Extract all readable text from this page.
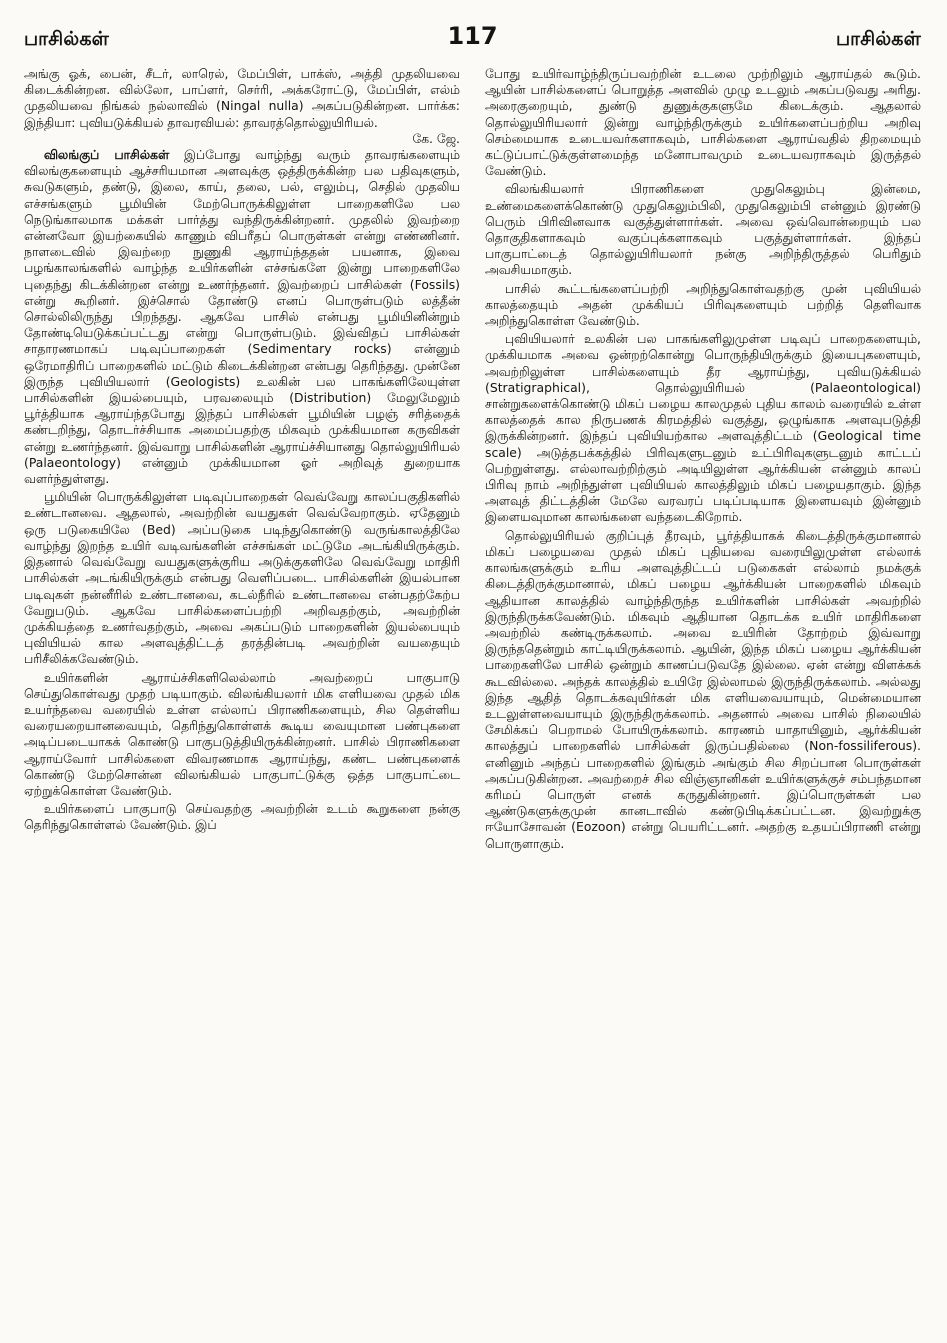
பாசில்கள்	117	பாசில்கள்

அங்கு ஓக், பைன், சீடர், லாரெல், மேப்பிள், பாக்ஸ், அத்தி முதலியவை கிடைக்கின்றன. வில்லோ, பாப்ளர், செர்ரி, அக்கரோட்டு, மேப்பிள், எல்ம் முதலியவை நிங்கல் நல்லாவில் (Ningal nulla) அகப்படுகின்றன. பார்க்க: இந்தியா: புவியடுக்கியல் தாவரவியல்: தாவரத்தொல்லுயிரியல்.

கே. ஜே.

விலங்குப் பாசில்கள் இப்போது வாழ்ந்து வரும் தாவரங்களையும் விலங்குகளையும் ஆச்சரியமான அளவுக்கு ஒத்திருக்கின்ற பல பதிவுகளும், சுவடுகளும், தண்டு, இலை, காய், தலை, பல், எலும்பு, செதில் முதலிய எச்சங்களும் பூமியின் மேற்பொருக்கிலுள்ள பாறைகளிலே பல நெடுங்காலமாக மக்கள் பார்த்து வந்திருக்கின்றனர். முதலில் இவற்றை என்னவோ இயற்கையில் காணும் விபரீதப் பொருள்கள் என்று எண்ணினர். நாளடைவில் இவற்றை நுணுகி ஆராய்ந்ததன் பயனாக, இவை பழங்காலங்களில் வாழ்ந்த உயிர்களின் எச்சங்களே இன்று பாறைகளிலே புதைந்து கிடக்கின்றன என்று உணர்ந்தனர். இவற்றைப் பாசில்கள் (Fossils) என்று கூறினர். இச்சொல் தோண்டு எனப் பொருள்படும் லத்தீன் சொல்லிலிருந்து பிறந்தது. ஆகவே பாசில் என்பது பூமியினின்றும் தோண்டியெடுக்கப்பட்டது என்று பொருள்படும். இவ்விதப் பாசில்கள் சாதாரணமாகப் படிவுப்பாறைகள் (Sedimentary rocks) என்னும் ஒரேமாதிரிப் பாறைகளில் மட்டும் கிடைக்கின்றன என்பது தெரிந்தது. முன்னே இருந்த புவியியலார் (Geologists) உலகின் பல பாகங்களிலேயுள்ள பாசில்களின் இயல்பையும், பரவலையும் (Distribution) மேலுமேலும் பூர்த்தியாக ஆராய்ந்தபோது இந்தப் பாசில்கள் பூமியின் பழஞ் சரித்தைக் கண்டறிந்து, தொடர்ச்சியாக அமைப்பதற்கு மிகவும் முக்கியமான கருவிகள் என்று உணர்ந்தனர். இவ்வாறு பாசில்களின் ஆராய்ச்சியானது தொல்லுயிரியல் (Palaeontology) என்னும் முக்கியமான ஓர் அறிவுத் துறையாக வளர்ந்துள்ளது.

பூமியின் பொருக்கிலுள்ள படிவுப்பாறைகள் வெவ்வேறு காலப்பகுதிகளில் உண்டானவை. ஆதலால், அவற்றின் வயதுகள் வெவ்வேறாகும். ஏதேனும் ஒரு படுகையிலே (Bed) அப்படுகை படிந்துகொண்டு வருங்காலத்திலே வாழ்ந்து இறந்த உயிர் வடிவங்களின் எச்சங்கள் மட்டுமே அடங்கியிருக்கும். இதனால் வெவ்வேறு வயதுகளுக்குரிய அடுக்குகளிலே வெவ்வேறு மாதிரி பாசில்கள் அடங்கியிருக்கும் என்பது வெளிப்படை. பாசில்களின் இயல்பான படிவுகள் நன்னீரில் உண்டானவை, கடல்நீரில் உண்டானவை என்பதற்கேற்ப வேறுபடும். ஆகவே பாசில்களைப்பற்றி அறிவதற்கும், அவற்றின் முக்கியத்தை உணர்வதற்கும், அவை அகப்படும் பாறைகளின் இயல்பையும் புவியியல் கால அளவுத்திட்டத் தரத்தின்படி அவற்றின் வயதையும் பரிசீலிக்கவேண்டும்.

உயிர்களின் ஆராய்ச்சிகளிலெல்லாம் அவற்றைப் பாகுபாடு செய்துகொள்வது முதற் படியாகும். விலங்கியலார் மிக எளியவை முதல் மிக உயர்ந்தவை வரையில் உள்ள எல்லாப் பிராணிகளையும், சில தெள்ளிய வரையறையானவையும், தெரிந்துகொள்ளக் கூடிய வையுமான பண்புகளை அடிப்படையாகக் கொண்டு பாகுபடுத்தியிருக்கின்றனர். பாசில் பிராணிகளை ஆராய்வோர் பாசில்களை விவரணமாக ஆராய்ந்து, கண்ட பண்புகளைக் கொண்டு மேற்சொன்ன விலங்கியல் பாகுபாட்டுக்கு ஒத்த பாகுபாட்டை ஏற்றுக்கொள்ள வேண்டும்.

உயிர்களைப் பாகுபாடு செய்வதற்கு அவற்றின் உடம் கூறுகளை நன்கு தெரிந்துகொள்ளல் வேண்டும். இப்

போது உயிர்வாழ்ந்திருப்பவற்றின் உடலை முற்றிலும் ஆராய்தல் கூடும். ஆயின் பாசில்களைப் பொறுத்த அளவில் முழு உடலும் அகப்படுவது அரிது. அரைகுறையும், துண்டு துணுக்குகளுமே கிடைக்கும். ஆதலால் தொல்லுயிரியலார் இன்று வாழ்ந்திருக்கும் உயிர்களைப்பற்றிய அறிவு செம்மையாக உடையவர்களாகவும், பாசில்களை ஆராய்வதில் திறமையும் கட்டுப்பாட்டுக்குள்ளமைந்த மனோபாவமும் உடையவராகவும் இருத்தல் வேண்டும்.

விலங்கியலார் பிராணிகளை முதுகெலும்பு இன்மை, உண்மைகளைக்கொண்டு முதுகெலும்பிலி, முதுகெலும்பி என்னும் இரண்டு பெரும் பிரிவினவாக வகுத்துள்ளார்கள். அவை ஒவ்வொன்றையும் பல தொகுதிகளாகவும் வகுப்புக்களாகவும் பகுத்துள்ளார்கள். இந்தப் பாகுபாட்டைத் தொல்லுயிரியலார் நன்கு அறிந்திருத்தல் பெரிதும் அவசியமாகும்.

பாசில் கூட்டங்களைப்பற்றி அறிந்துகொள்வதற்கு முன் புவியியல் காலத்தையும் அதன் முக்கியப் பிரிவுகளையும் பற்றித் தெளிவாக அறிந்துகொள்ள வேண்டும்.

புவியியலார் உலகின் பல பாகங்களிலுமுள்ள படிவுப் பாறைகளையும், முக்கியமாக அவை ஒன்றற்கொன்று பொருந்தியிருக்கும் இயைபுகளையும், அவற்றிலுள்ள பாசில்களையும் தீர ஆராய்ந்து, புவியடுக்கியல் (Stratigraphical), தொல்லுயிரியல் (Palaeontological) சான்றுகளைக்கொண்டு மிகப் பழைய காலமுதல் புதிய காலம் வரையில் உள்ள காலத்தைக் கால நிருபணக் கிரமத்தில் வகுத்து, ஒழுங்காக அளவுபடுத்தி இருக்கின்றனர். இந்தப் புவியியற்கால அளவுத்திட்டம் (Geological time scale) அடுத்தபக்கத்தில் பிரிவுகளுடனும் உட்பிரிவுகளுடனும் காட்டப் பெற்றுள்ளது. எல்லாவற்றிற்கும் அடியிலுள்ள ஆர்க்கியன் என்னும் காலப் பிரிவு நாம் அறிந்துள்ள புவியியல் காலத்திலும் மிகப் பழையதாகும். இந்த அளவுத் திட்டத்தின் மேலே வரவரப் படிப்படியாக இளையவும் இன்னும் இளையவுமான காலங்களை வந்தடைகிறோம்.

தொல்லுயிரியல் குறிப்புத் தீரவும், பூர்த்தியாகக் கிடைத்திருக்குமானால் மிகப் பழையவை முதல் மிகப் புதியவை வரையிலுமுள்ள எல்லாக் காலங்களுக்கும் உரிய அளவுத்திட்டப் படுகைகள் எல்லாம் நமக்குக் கிடைத்திருக்குமானால், மிகப் பழைய ஆர்க்கியன் பாறைகளில் மிகவும் ஆதியான காலத்தில் வாழ்ந்திருந்த உயிர்களின் பாசில்கள் அவற்றில் இருந்திருக்கவேண்டும். மிகவும் ஆதியான தொடக்க உயிர் மாதிரிகளை அவற்றில் கண்டிருக்கலாம். அவை உயிரின் தோற்றம் இவ்வாறு இருந்ததென்றும் காட்டியிருக்கலாம். ஆயின், இந்த மிகப் பழைய ஆர்க்கியன் பாறைகளிலே பாசில் ஒன்றும் காணப்படுவதே இல்லை. ஏன் என்று விளக்கக் கூடவில்லை. அந்தக் காலத்தில் உயிரே இல்லாமல் இருந்திருக்கலாம். அல்லது இந்த ஆதித் தொடக்கவுயிர்கள் மிக எளியவையாயும், மென்மையான உடலுள்ளவையாயும் இருந்திருக்கலாம். அதனால் அவை பாசில் நிலையில் சேமிக்கப் பெறாமல் போயிருக்கலாம். காரணம் யாதாயினும், ஆர்க்கியன் காலத்துப் பாறைகளில் பாசில்கள் இருப்பதில்லை (Non-fossiliferous). எனினும் அந்தப் பாறைகளில் இங்கும் அங்கும் சில சிறப்பான பொருள்கள் அகப்படுகின்றன. அவற்றைச் சில விஞ்ஞானிகள் உயிர்களுக்குச் சம்பந்தமான கரிமப் பொருள் எனக் கருதுகின்றனர். இப்பொருள்கள் பல ஆண்டுகளுக்குமுன் கானடாவில் கண்டுபிடிக்கப்பட்டன. இவற்றுக்கு ஈயோசோவன் (Eozoon) என்று பெயரிட்டனர். அதற்கு உதயப்பிராணி என்று பொருளாகும்.
